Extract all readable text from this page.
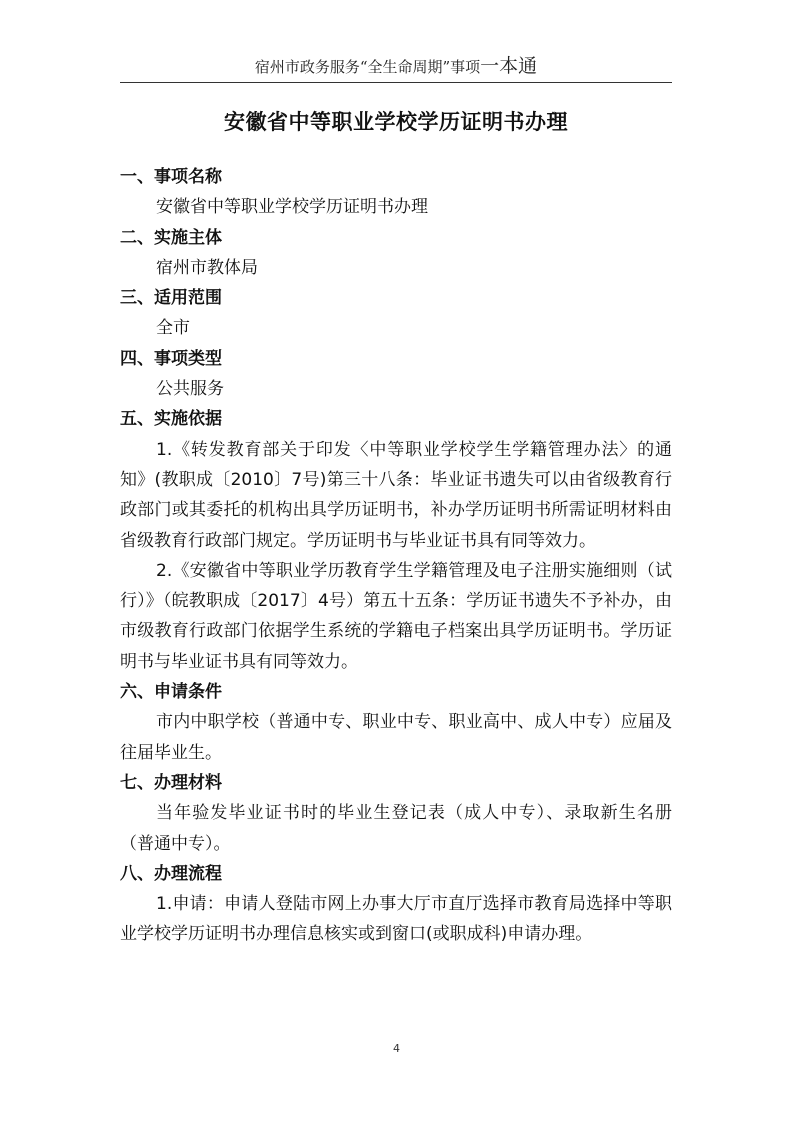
宿州市政务服务“全生命周期”事项一本通
安徽省中等职业学校学历证明书办理
一、事项名称
安徽省中等职业学校学历证明书办理
二、实施主体
宿州市教体局
三、适用范围
全市
四、事项类型
公共服务
五、实施依据
1.《转发教育部关于印发〈中等职业学校学生学籍管理办法〉的通知》(教职成〔2010〕7号)第三十八条：毕业证书遗失可以由省级教育行政部门或其委托的机构出具学历证明书，补办学历证明书所需证明材料由省级教育行政部门规定。学历证明书与毕业证书具有同等效力。
2.《安徽省中等职业学历教育学生学籍管理及电子注册实施细则（试行）》（皖教职成〔2017〕4号）第五十五条：学历证书遗失不予补办，由市级教育行政部门依据学生系统的学籍电子档案出具学历证明书。学历证明书与毕业证书具有同等效力。
六、申请条件
市内中职学校（普通中专、职业中专、职业高中、成人中专）应届及往届毕业生。
七、办理材料
当年验发毕业证书时的毕业生登记表（成人中专）、录取新生名册（普通中专）。
八、办理流程
1.申请：申请人登陆市网上办事大厅市直厅选择市教育局选择中等职业学校学历证明书办理信息核实或到窗口(或职成科)申请办理。
4
